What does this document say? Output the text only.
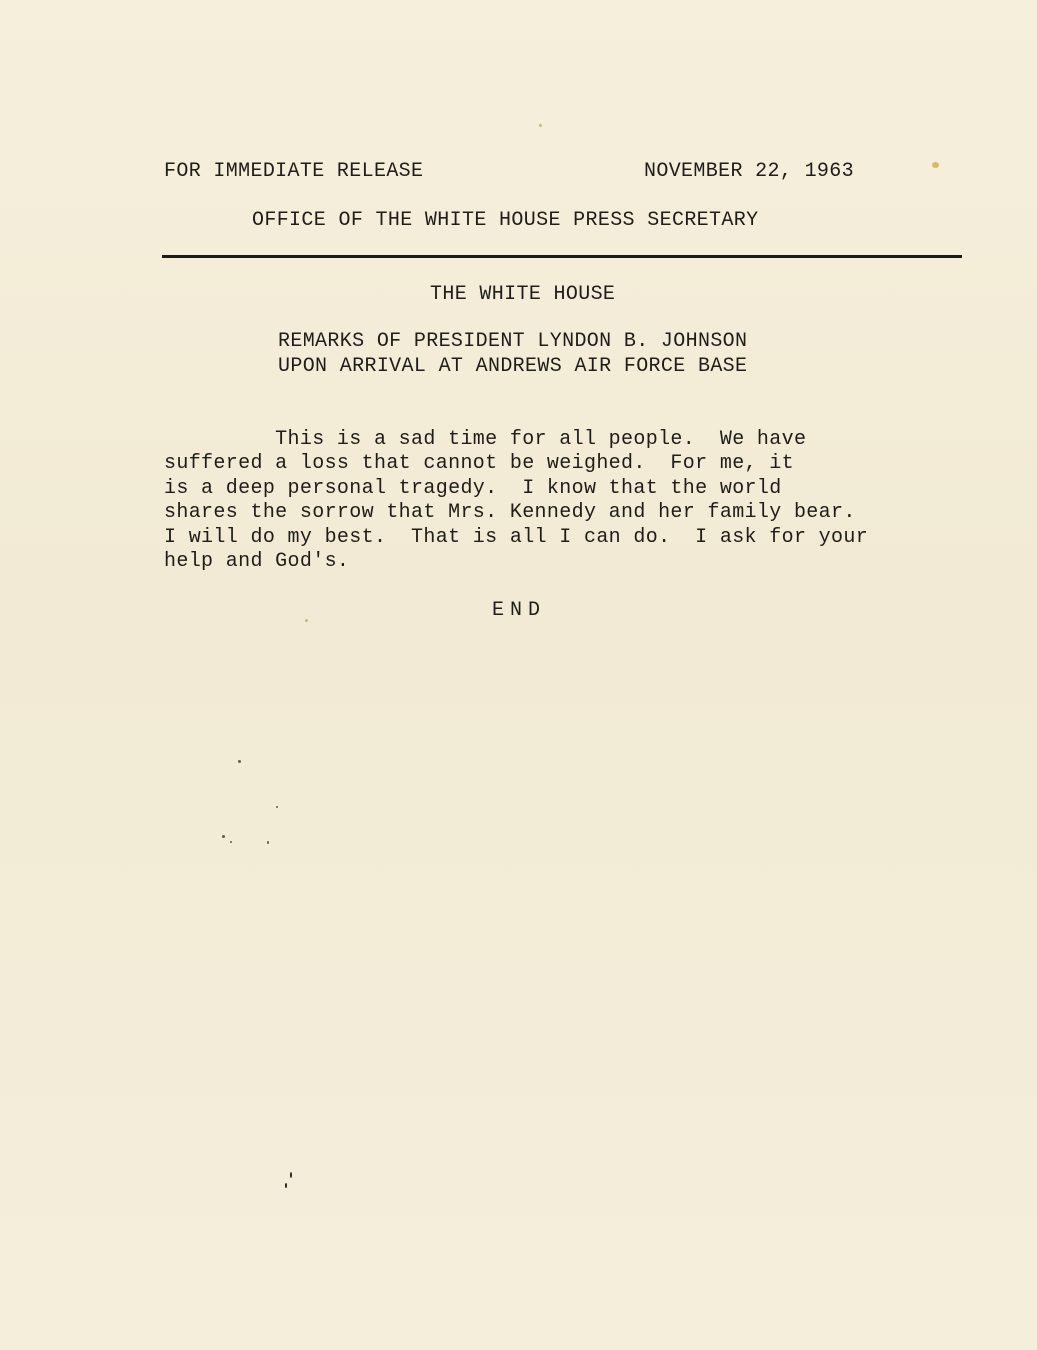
FOR IMMEDIATE RELEASE	NOVEMBER 22, 1963
OFFICE OF THE WHITE HOUSE PRESS SECRETARY
THE WHITE HOUSE
REMARKS OF PRESIDENT LYNDON B. JOHNSON
UPON ARRIVAL AT ANDREWS AIR FORCE BASE
This is a sad time for all people.  We have
suffered a loss that cannot be weighed.  For me, it
is a deep personal tragedy.  I know that the world
shares the sorrow that Mrs. Kennedy and her family bear.
I will do my best.  That is all I can do.  I ask for your
help and God's.
END
